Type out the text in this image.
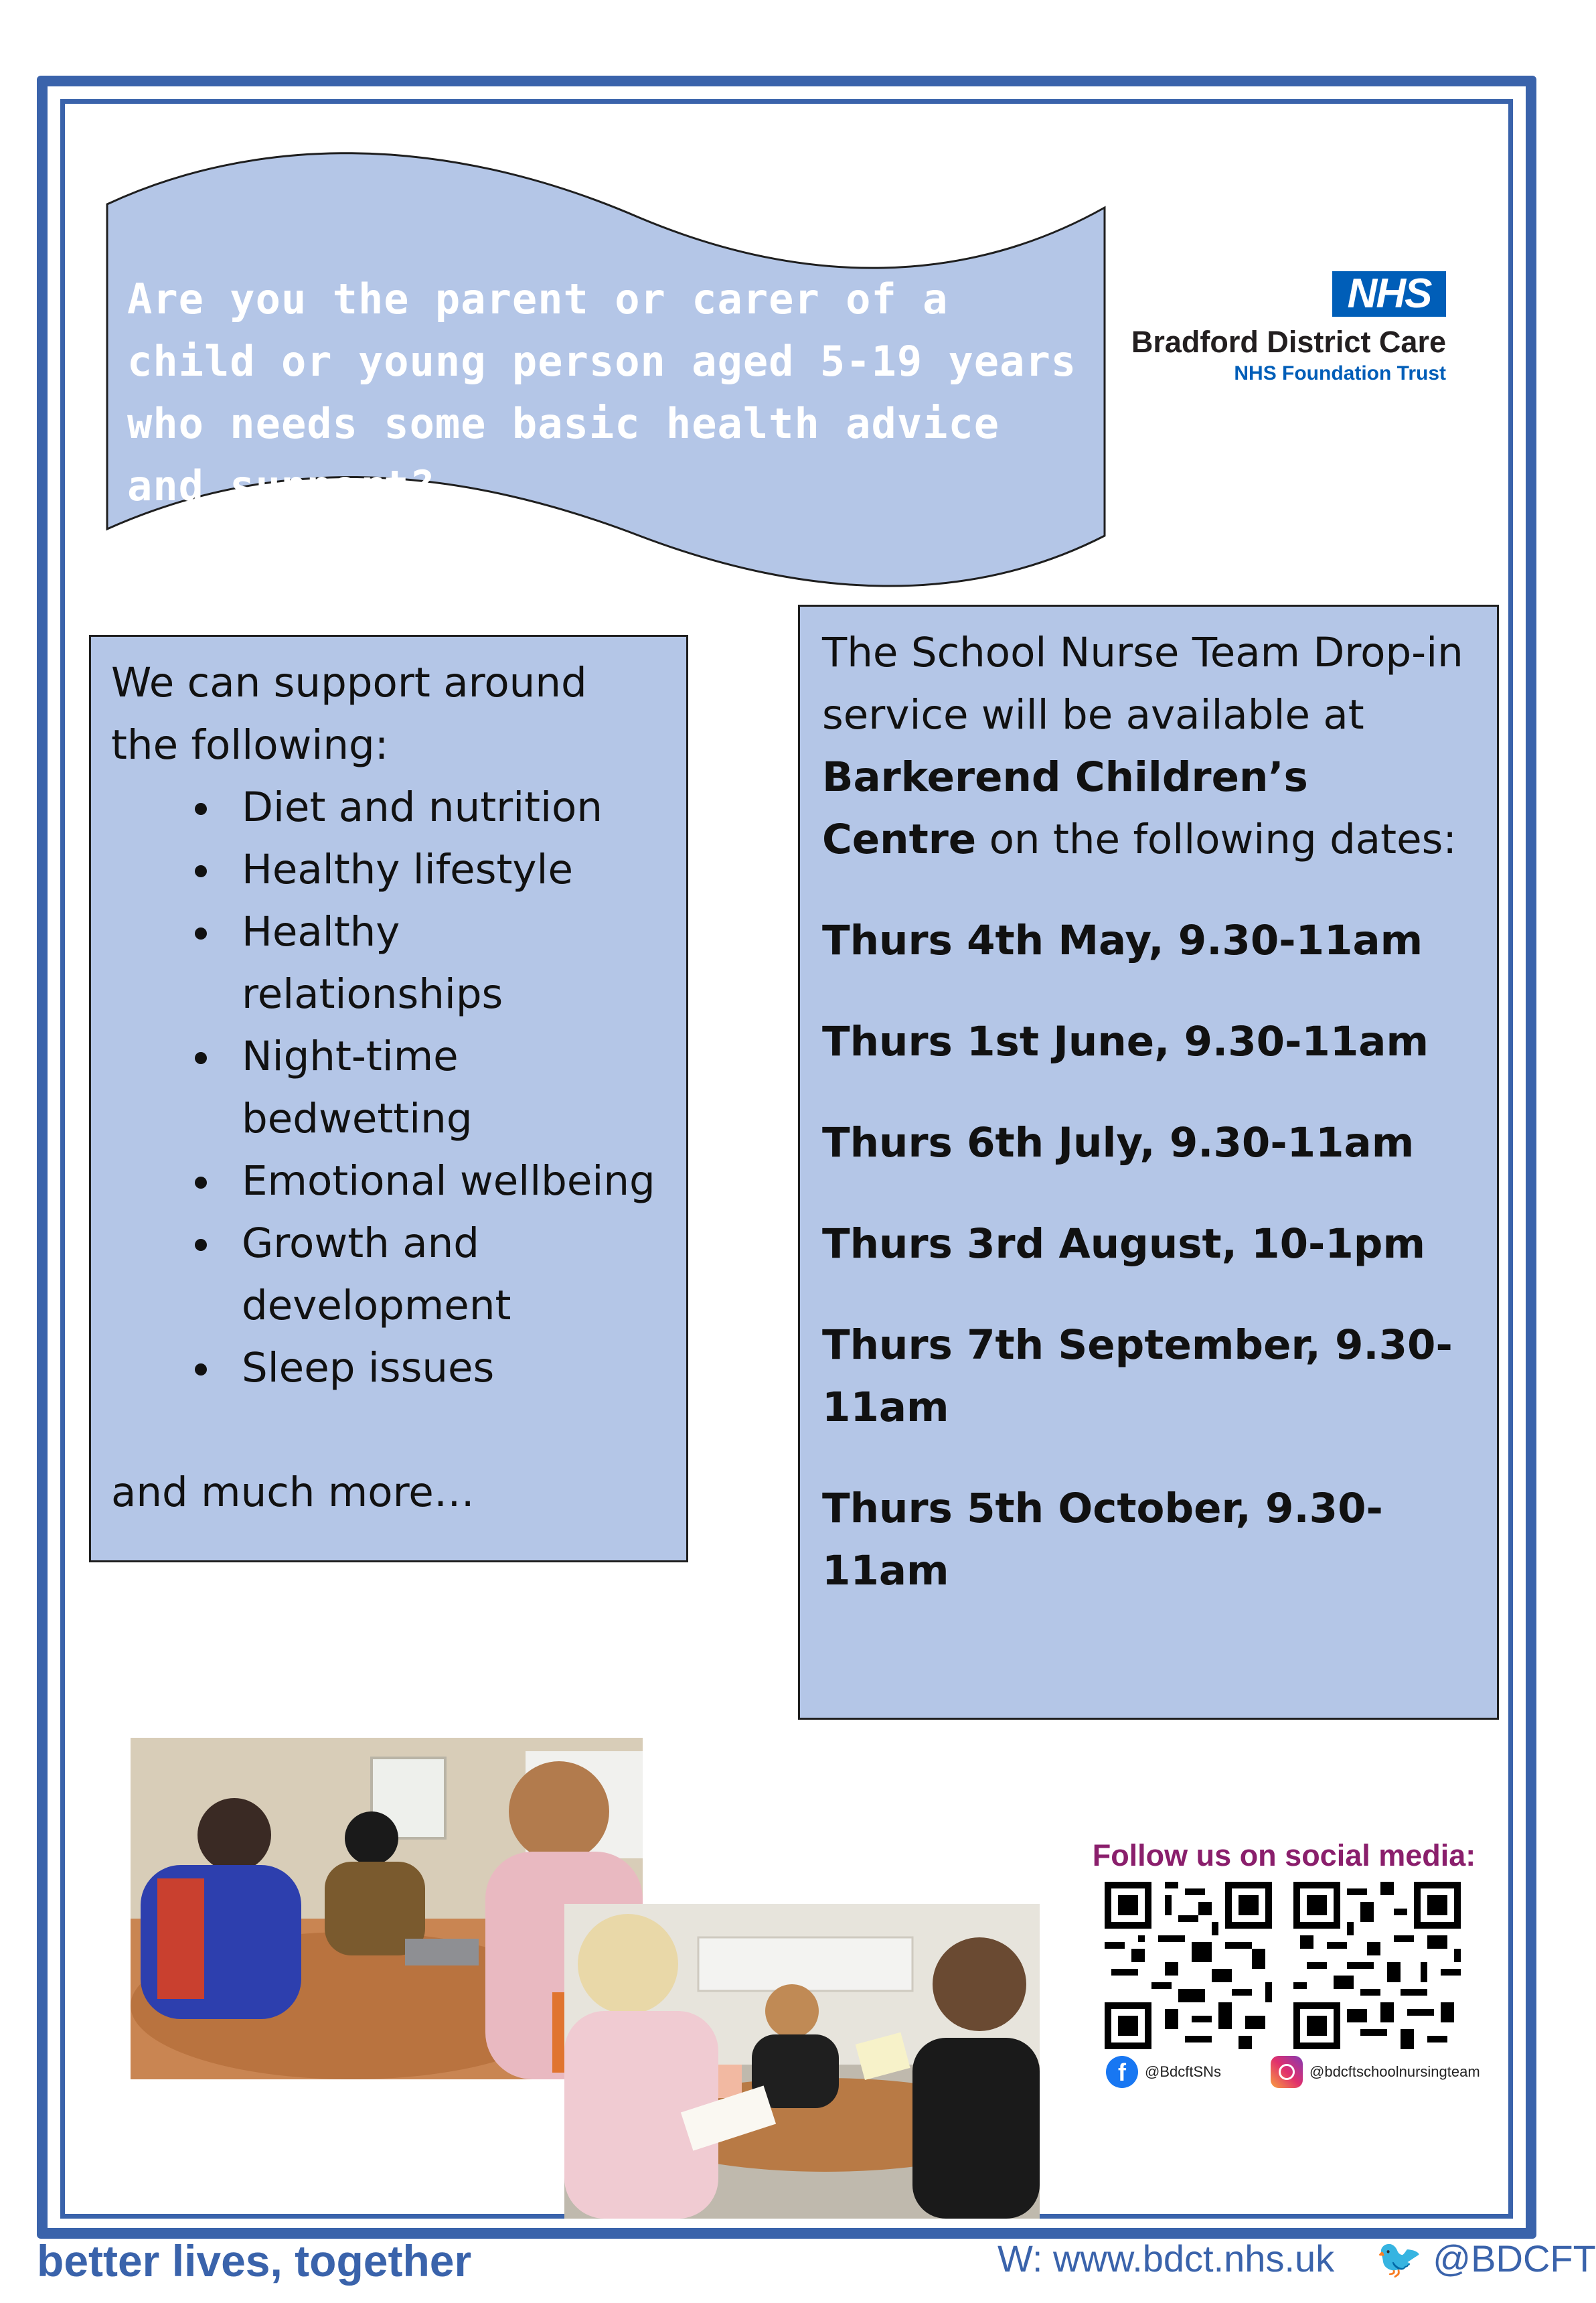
Are you the parent or carer of a child or young person aged 5-19 years who needs some basic health advice and support?
NHS
Bradford District Care
NHS Foundation Trust
We can support around the following:
Diet and nutrition
Healthy lifestyle
Healthy relationships
Night-time bedwetting
Emotional wellbeing
Growth and development
Sleep issues
and much more…
The School Nurse Team Drop-in service will be available at Barkerend Children’s Centre on the following dates:
Thurs 4th May, 9.30-11am
Thurs 1st June, 9.30-11am
Thurs 6th July, 9.30-11am
Thurs 3rd August, 10-1pm
Thurs 7th September, 9.30-11am
Thurs 5th October, 9.30-11am
Follow us on social media:
f	@BdcftSNs	@bdcftschoolnursingteam
better lives, together	W: www.bdct.nhs.uk 🐦 @BDCFT
